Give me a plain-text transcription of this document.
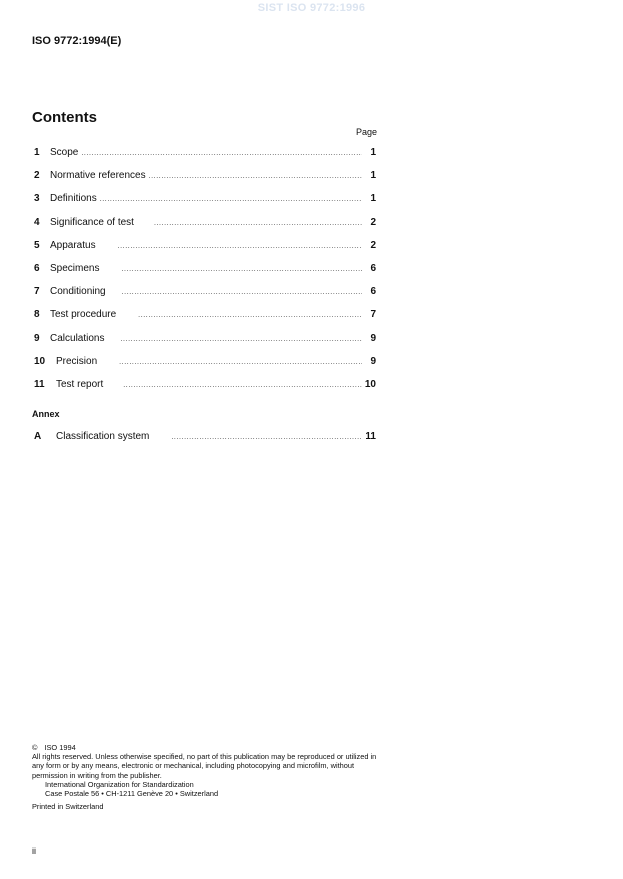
SIST ISO 9772:1996
ISO 9772:1994(E)
Contents
Page
1	Scope .....	1
2	Normative references .....	1
3	Definitions .....	1
4	Significance of test .....	2
5	Apparatus .....	2
6	Specimens .....	6
7	Conditioning .....	6
8	Test procedure .....	7
9	Calculations .....	9
10	Precision .....	9
11	Test report .....	10
Annex
A	Classification system .....	11
© ISO 1994
All rights reserved. Unless otherwise specified, no part of this publication may be reproduced or utilized in any form or by any means, electronic or mechanical, including photocopying and microfilm, without permission in writing from the publisher.
International Organization for Standardization
Case Postale 56 • CH-1211 Genève 20 • Switzerland
Printed in Switzerland
ii
